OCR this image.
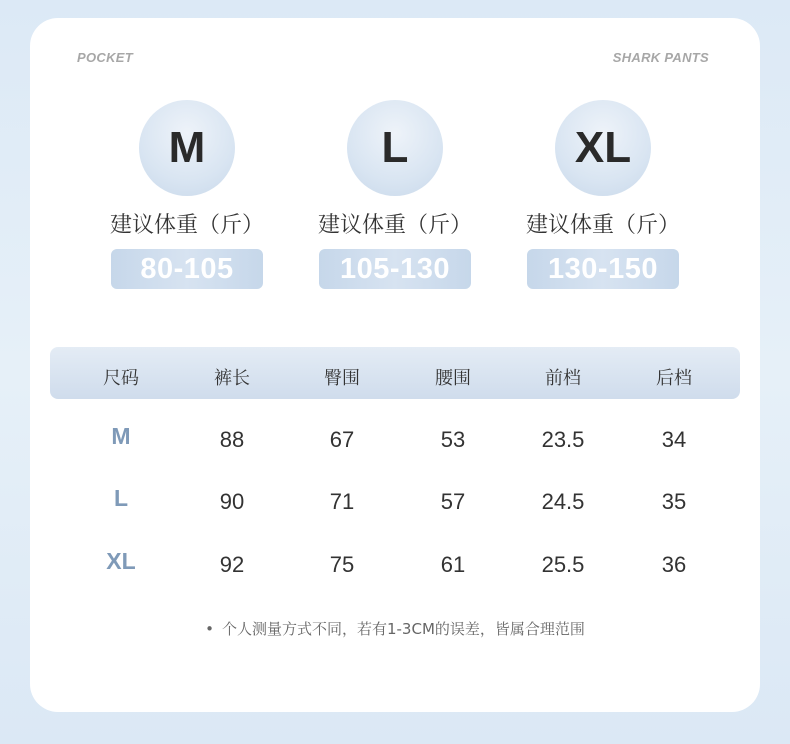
POCKET	SHARK PANTS
M
建议体重（斤）
80-105
L
建议体重（斤）
105-130
XL
建议体重（斤）
130-150
尺码	裤长	臀围	腰围	前档	后档
M	88	67	53	23.5	34
L	90	71	57	24.5	35
XL	92	75	61	25.5	36
• 个人测量方式不同，若有1-3CM的误差，皆属合理范围
